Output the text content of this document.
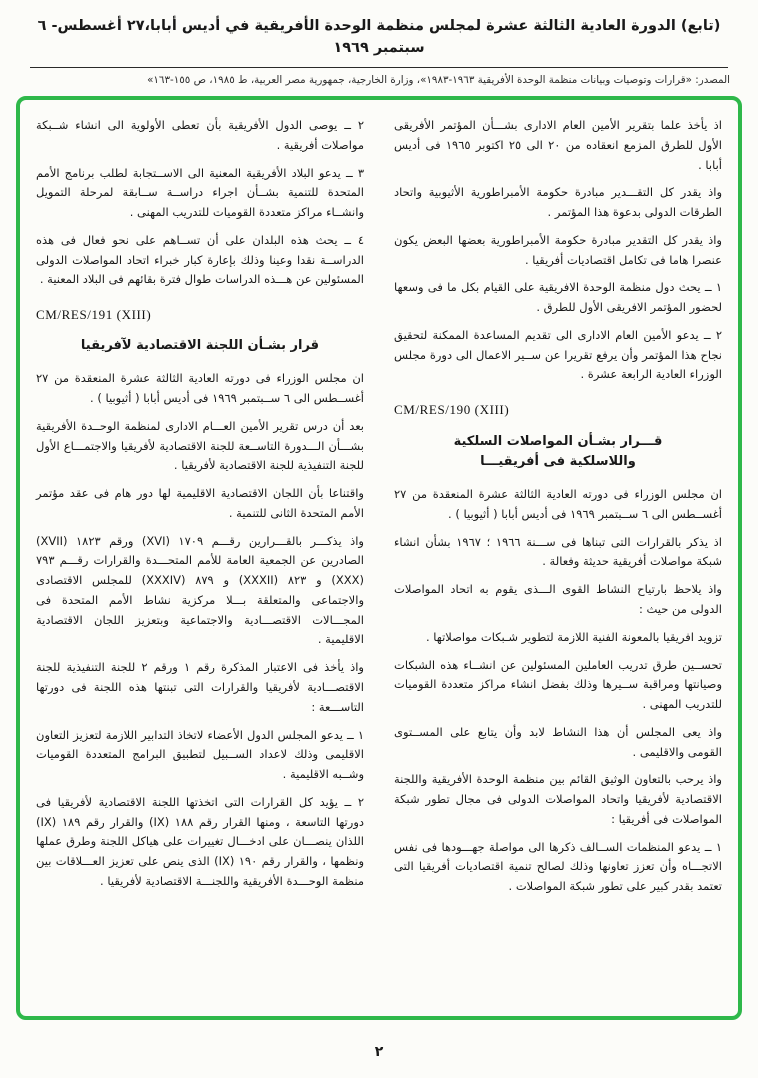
(تابع) الدورة العادية الثالثة عشرة لمجلس منظمة الوحدة الأفريقية في أديس أبابا،٢٧ أغسطس- ٦ سبتمبر ١٩٦٩
المصدر: «قرارات وتوصيات وبيانات منظمة الوحدة الأفريقية ١٩٦٣-١٩٨٣»، وزارة الخارجية، جمهورية مصر العربية، ط ١٩٨٥، ص ١٥٥-١٦٣»

اذ يأخذ علما بتقرير الأمين العام الادارى بشـــأن المؤتمر الأفريقى الأول للطرق المزمع انعقاده من ٢٠ الى ٢٥ اكتوبر ١٩٦٥ فى أديس أبابا .

واذ يقدر كل التقـــدير مبادرة حكومة الأمبراطورية الأثيوبية واتحاد الطرقات الدولى بدعوة هذا المؤتمر .

واذ يقدر كل التقدير مبادرة حكومة الأمبراطورية بعضها البعض يكون عنصرا هاما فى تكامل اقتصاديات أفريقيا .

١ ــ يحث دول منظمة الوحدة الافريقية على القيام بكل ما فى وسعها لحضور المؤتمر الافريقى الأول للطرق .

٢ ــ يدعو الأمين العام الادارى الى تقديم المساعدة الممكنة لتحقيق نجاح هذا المؤتمر وأن يرفع تقريرا عن ســير الاعمال الى دورة مجلس الوزراء العادية الرابعة عشرة .

CM/RES/190 (XIII)
قـــرار بشـأن المواصلات السلكية
واللاسلكية فى أفريقيـــا

ان مجلس الوزراء فى دورته العادية الثالثة عشرة المنعقدة من ٢٧ أغســطس الى ٦ ســبتمبر ١٩٦٩ فى أديس أبابا ( أثيوبيا ) .

اذ يذكر بالقرارات التى تبناها فى ســـنة ١٩٦٦ ؛ ١٩٦٧ بشأن انشاء شبكة مواصلات أفريقية حديثة وفعالة .

واذ يلاحظ بارتياح النشاط القوى الـــذى يقوم به اتحاد المواصلات الدولى من حيث :

تزويد افريقيا بالمعونة الفنية اللازمة لتطوير شـبكات مواصلاتها .

تحســين طرق تدريب العاملين المسئولين عن انشــاء هذه الشبكات وصيانتها ومراقبة ســيرها وذلك بفضل انشاء مراكز متعددة القوميات للتدريب المهنى .

واذ يعى المجلس أن هذا النشاط لابد وأن يتابع على المســتوى القومى والاقليمى .

واذ يرحب بالتعاون الوثيق القائم بين منظمة الوحدة الأفريقية واللجنة الاقتصادية لأفريقيا واتحاد المواصلات الدولى فى مجال تطور شبكة المواصلات فى أفريقيا :

١ ــ يدعو المنظمات الســالف ذكرها الى مواصلة جهـــودها فى نفس الاتجـــاه وأن تعزز تعاونها وذلك لصالح تنمية اقتصاديات أفريقيا التى تعتمد بقدر كبير على تطور شبكة المواصلات .

٢ ــ يوصى الدول الأفريقية بأن تعطى الأولوية الى انشاء شــبكة مواصلات أفريقية .

٣ ــ يدعو البلاد الأفريقية المعنية الى الاســتجابة لطلب برنامج الأمم المتحدة للتنمية بشــأن اجراء دراســة ســابقة لمرحلة التمويل وانشــاء مراكز متعددة القوميات للتدريب المهنى .

٤ ــ يحث هذه البلدان على أن تســاهم على نحو فعال فى هذه الدراســة نقدا وعينا وذلك بإعارة كبار خبراء اتحاد المواصلات الدولى المسئولين عن هـــذه الدراسات طوال فترة بقائهم فى البلاد المعنية .

CM/RES/191 (XIII)
قرار بشـأن اللجنة الاقتصادية لآفريقيا

ان مجلس الوزراء فى دورته العادية الثالثة عشرة المنعقدة من ٢٧ أغســطس الى ٦ ســبتمبر ١٩٦٩ فى أديس أبابا ( أثيوبيا ) .

بعد أن درس تقرير الأمين العـــام الادارى لمنظمة الوحــدة الأفريقية بشـــأن الـــدورة التاســعة للجنة الاقتصادية لأفريقيا والاجتمـــاع الأول للجنة التنفيذية للجنة الاقتصادية لأفريقيا .

واقتناعا بأن اللجان الاقتصادية الاقليمية لها دور هام فى عقد مؤتمر الأمم المتحدة الثانى للتنمية .

واذ يذكـــر بالقـــرارين رقـــم ١٧٠٩ (XVI) ورقم ١٨٢٣ (XVII) الصادرين عن الجمعية العامة للأمم المتحـــدة والقرارات رقـــم ٧٩٣ (XXX) و ٨٢٣ (XXXII) و ٨٧٩ (XXXIV) للمجلس الاقتصادى والاجتماعى والمتعلقة بـــلا مركزية نشاط الأمم المتحدة فى المجـــالات الاقتصـــادية والاجتماعية وبتعزيز اللجان الاقتصادية الاقليمية .

واذ يأخذ فى الاعتبار المذكرة رقم ١ ورقم ٢ للجنة التنفيذية للجنة الاقتصـــادية لأفريقيا والقرارات التى تبنتها هذه اللجنة فى دورتها التاســـعة :

١ ــ يدعو المجلس الدول الأعضاء لاتخاذ التدابير اللازمة لتعزيز التعاون الاقليمى وذلك لاعداد الســبيل لتطبيق البرامج المتعددة القوميات وشــبه الاقليمية .

٢ ــ يؤيد كل القرارات التى اتخذتها اللجنة الاقتصادية لأفريقيا فى دورتها التاسعة ، ومنها القرار رقم ١٨٨ (IX) والقرار رقم ١٨٩ (IX) اللذان ينصـــان على ادخـــال تغييرات على هياكل اللجنة وطرق عملها ونظمها ، والقرار رقم ١٩٠ (IX) الذى ينص على تعزيز العـــلاقات بين منظمة الوحـــدة الأفريقية واللجنـــة الاقتصادية لأفريقيا .

٢
